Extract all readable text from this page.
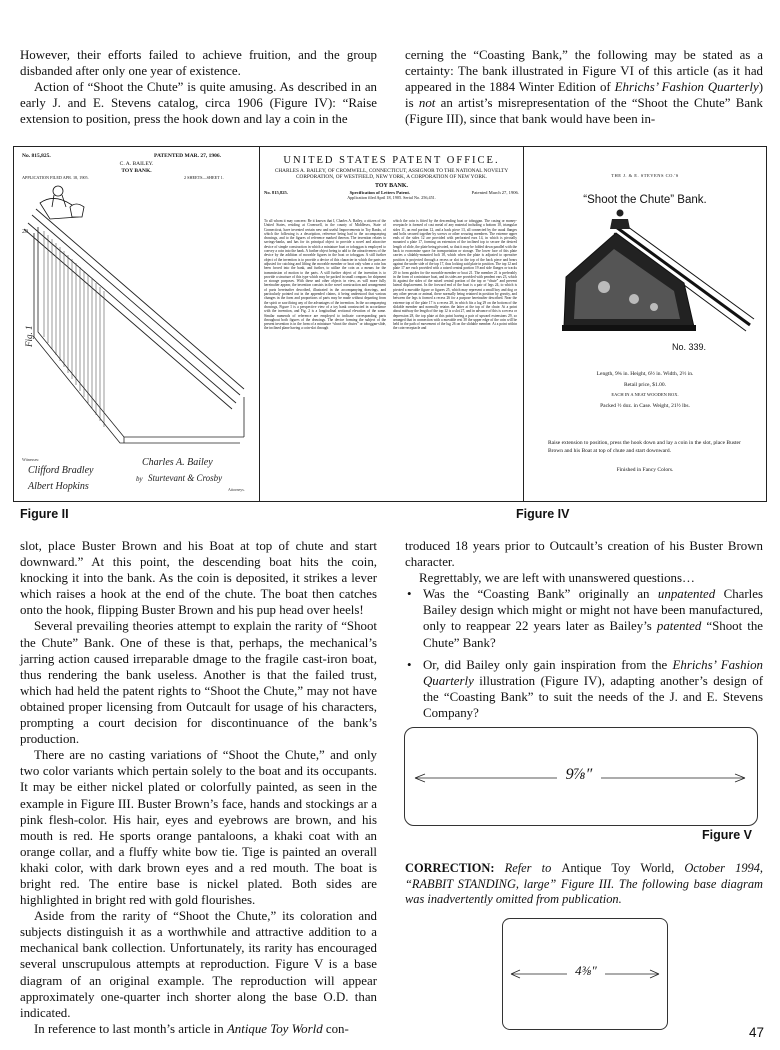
However, their efforts failed to achieve fruition, and the group disbanded after only one year of existence.

Action of “Shoot the Chute” is quite amusing. As described in an early J. and E. Stevens catalog, circa 1906 (Figure IV): “Raise extension to position, press the hook down and lay a coin in the

cerning the “Coasting Bank,” the following may be stated as a certainty: The bank illustrated in Figure VI of this article (as it had appeared in the 1884 Winter Edition of Ehrichs’ Fashion Quarterly) is not an artist’s misrepresentation of the “Shoot the Chute” Bank (Figure III), since that bank would have been in-

No. 815,825.	PATENTED MAR. 27, 1906.
C. A. BAILEY.
TOY BANK.
APPLICATION FILED APR. 18, 1905.	2 SHEETS—SHEET 1.
20
Fig. 1
Witnesses:
Clifford Bradley
Albert Hopkins
Charles A. Bailey
by Sturtevant & Crosby
Attorneys.
UNITED STATES PATENT OFFICE.
CHARLES A. BAILEY, OF CROMWELL, CONNECTICUT, ASSIGNOR TO THE NATIONAL NOVELTY CORPORATION, OF WESTFIELD, NEW YORK, A CORPORATION OF NEW YORK.
TOY BANK.
No. 815,825.	Specification of Letters Patent.	Patented March 27, 1906.
Application filed April 18, 1905. Serial No. 256,451.
To all whom it may concern: Be it known that I, Charles A. Bailey, a citizen of the United States, residing at Cromwell, in the county of Middlesex, State of Connecticut, have invented certain new and useful Improvements in Toy Banks, of which the following is a description, reference being had to the accompanying drawings, and to the figures of reference marked thereon. The invention relates to savings-banks, and has for its principal object to provide a novel and attractive device of simple construction in which a miniature boat or toboggan is employed to convey a coin into the bank. A further object being to add to the attractiveness of the device by the addition of movable figures in the boat or toboggan. A still further object of the invention is to provide a device of this character in which the parts are adjusted for catching and lifting the movable member or boat only when a coin has been forced into the bank, and further, to utilize the coin as a means for the transmission of motion to the parts. A still further object of the invention is to provide a structure of this type which may be packed in small compass for shipment or storage purposes. With these and other objects in view, as will more fully hereinafter appear, the invention consists in the novel construction and arrangement of parts hereinafter described, illustrated in the accompanying drawings, and particularly pointed out in the appended claims, it being understood that various changes in the form and proportions of parts may be made without departing from the spirit or sacrificing any of the advantages of the invention. In the accompanying drawings, Figure 1 is a perspective view of a toy bank constructed in accordance with the invention, and Fig. 2 is a longitudinal sectional elevation of the same. Similar numerals of reference are employed to indicate corresponding parts throughout both figures of the drawings. The device forming the subject of the present invention is in the form of a miniature “shoot the chutes” or toboggan-slide, the inclined plane having a coin-slot through
which the coin is fitted by the descending boat or toboggan. The casing or money-receptacle is formed of cast metal of any material including a bottom 10, triangular sides 11, an end portion 12, and a back piece 13, all connected by the usual flanges and bolts secured together by screws or other securing members. The extreme upper ends of the sides 12 are provided with perforated ears 14, in which is pivotally mounted a plate 17, forming an extension of the inclined top to secure the desired length of slide, the plate being pivoted, so that it may be folded down parallel with the back to economize space for transportation or storage. The lower face of this plate carries a slidably-mounted bolt 18, which when the plate is adjusted to operative position is projected through a recess or slot in the top of the back piece and bears against the under side of the top 17, thus locking said plate in position. The top 12 and plate 17 are each provided with a raised central portion 19 and side flanges or tracks 20 to form guides for the movable member or boat 21. The member 21 is preferably in the form of a miniature boat, and its sides are provided with pendent ears 23, which fit against the sides of the raised central portion of the top or “chute” and prevent lateral displacement. In the forward end of the boat is a pair of legs 24, to which is pivoted a movable figure or figures 25, which may represent a small boy and dog or any other person or animal, these normally being retained in position by gravity, and between the legs is formed a recess 26 for a purpose hereinafter described. Near the extreme top of the plate 17 is a recess 28, in which fits a lug 29 on the bottom of the slidable member and normally retains the latter at the top of the chute. At a point about midway the length of the top 12 is a slot 27, and in advance of this is a recess or depression 28, the top plate at this point having a pair of upward extensions 29, so arranged that in connection with a movable rest 30 the upper edge of the coin will be held in the path of movement of the lug 26 on the slidable member. At a point within the coin-receptacle and
THE J. & E. STEVENS CO.'S
“Shoot the Chute” Bank.
No. 339.
Length, 9¾ in. Height, 6½ in. Width, 2½ in.
Retail price, $1.00.
EACH IN A NEAT WOODEN BOX.
Packed ½ doz. in Case. Weight, 21½ lbs.
Raise extension to position, press the hook down and lay a coin in the slot, place Buster Brown and his Boat at top of chute and start downward.
Finished in Fancy Colors.
Figure II	Figure IV

slot, place Buster Brown and his Boat at top of chute and start downward.” At this point, the descending boat hits the coin, knocking it into the bank. As the coin is deposited, it strikes a lever which raises a hook at the end of the chute. The boat then catches onto the hook, flipping Buster Brown and his pup head over heels!

Several prevailing theories attempt to explain the rarity of “Shoot the Chute” Bank. One of these is that, perhaps, the mechanical’s jarring action caused irreparable dmage to the fragile cast-iron boat, thus rendering the bank useless. Another is that the failed trust, which had held the patent rights to “Shoot the Chute,” may not have obtained proper licensing from Outcault for usage of his characters, prompting a court decision for discontinuance of the bank’s production.

There are no casting variations of “Shoot the Chute,” and only two color variants which pertain solely to the boat and its occupants. It may be either nickel plated or colorfully painted, as seen in the example in Figure III. Buster Brown’s face, hands and stockings ar a pink flesh-color. His hair, eyes and eyebrows are brown, and his mouth is red. He sports orange pantaloons, a khaki coat with an orange collar, and a fluffy white bow tie. Tige is painted an overall khaki color, with dark brown eyes and a red mouth. The boat is bright red. The entire base is nickel plated. Both sides are highlighted in bright red with gold flourishes.

Aside from the rarity of “Shoot the Chute,” its coloration and subjects distinguish it as a worthwhile and attractive addition to a mechanical bank collection. Unfortunately, its rarity has encouraged several unscrupulous attempts at reproduction. Figure V is a base diagram of an original example. The reproduction will appear approximately one-quarter inch shorter along the base O.D. than indicated.

In reference to last month’s article in Antique Toy World con-

troduced 18 years prior to Outcault’s creation of his Buster Brown character.

Regrettably, we are left with unanswered questions…

• Was the “Coasting Bank” originally an unpatented Charles Bailey design which might or might not have been manufactured, only to reappear 22 years later as Bailey’s patented “Shoot the Chute” Bank?
• Or, did Bailey only gain inspiration from the Ehrichs’ Fashion Quarterly illustration (Figure IV), adapting another’s design of the “Coasting Bank” to suit the needs of the J. and E. Stevens Company?
9⅞″
Figure V
CORRECTION: Refer to Antique Toy World, October 1994, “RABBIT STANDING, large” Figure III. The following base diagram was inadvertently omitted from publication.
4⅜″
47
